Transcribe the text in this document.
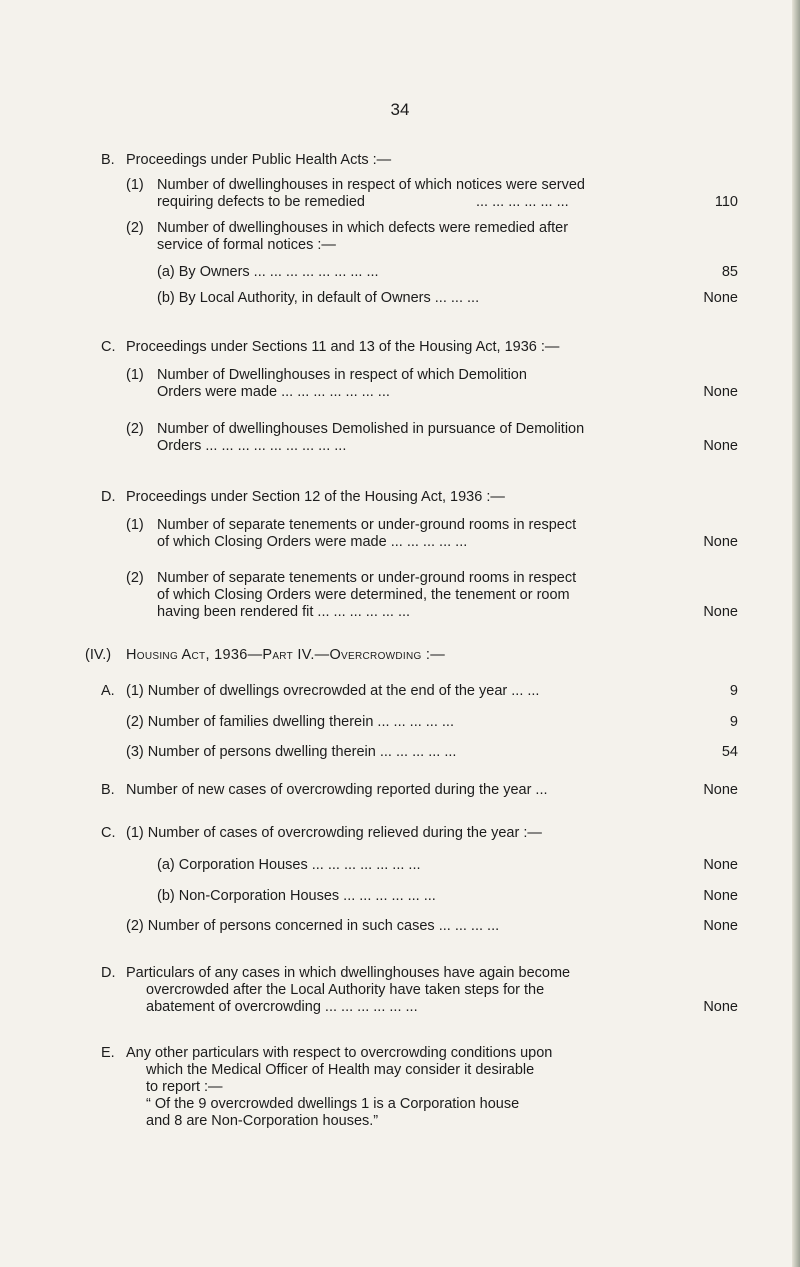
34
B. Proceedings under Public Health Acts :—
(1) Number of dwellinghouses in respect of which notices were served
requiring defects to be remedied	... ... ... ... ... ...	110
(2) Number of dwellinghouses in which defects were remedied after
service of formal notices :—
(a) By Owners ... ... ... ... ... ... ... ...	85
(b) By Local Authority, in default of Owners ... ... ...	None
C. Proceedings under Sections 11 and 13 of the Housing Act, 1936 :—
(1) Number of Dwellinghouses in respect of which Demolition
Orders were made ... ... ... ... ... ... ...	None
(2) Number of dwellinghouses Demolished in pursuance of Demolition
Orders ... ... ... ... ... ... ... ... ...	None
D. Proceedings under Section 12 of the Housing Act, 1936 :—
(1) Number of separate tenements or under-ground rooms in respect
of which Closing Orders were made ... ... ... ... ...	None
(2) Number of separate tenements or under-ground rooms in respect
of which Closing Orders were determined, the tenement or room
having been rendered fit ... ... ... ... ... ...	None
(IV.) Housing Act, 1936—Part IV.—Overcrowding :—
A. (1) Number of dwellings ovrecrowded at the end of the year ... ...	9
(2) Number of families dwelling therein ... ... ... ... ...	9
(3) Number of persons dwelling therein ... ... ... ... ...	54
B. Number of new cases of overcrowding reported during the year ...	None
C. (1) Number of cases of overcrowding relieved during the year :—
(a) Corporation Houses ... ... ... ... ... ... ...	None
(b) Non-Corporation Houses ... ... ... ... ... ...	None
(2) Number of persons concerned in such cases ... ... ... ...	None
D. Particulars of any cases in which dwellinghouses have again become
overcrowded after the Local Authority have taken steps for the
abatement of overcrowding ... ... ... ... ... ...	None
E. Any other particulars with respect to overcrowding conditions upon
which the Medical Officer of Health may consider it desirable
to report :—
“ Of the 9 overcrowded dwellings 1 is a Corporation house
and 8 are Non-Corporation houses.”
